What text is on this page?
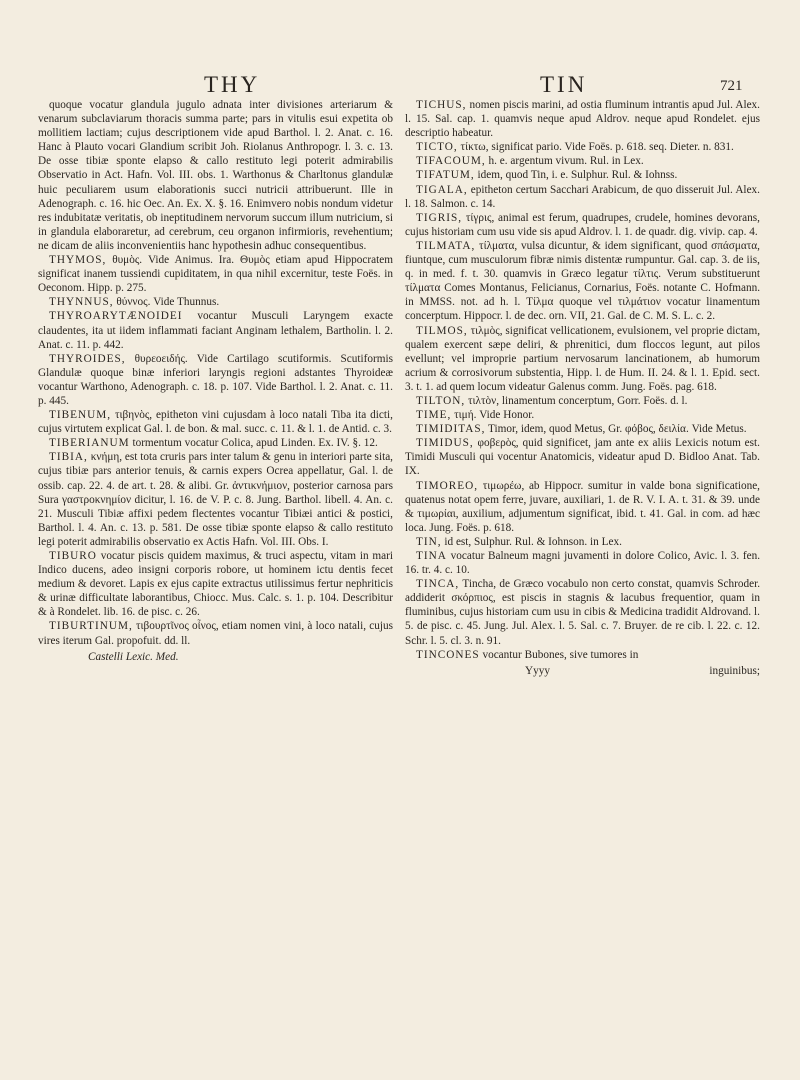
THY	TIN	721

quoque vocatur glandula jugulo adnata inter divisiones arteriarum & venarum subclaviarum thoracis summa parte; pars in vitulis esui expetita ob mollitiem lactiam; cujus descriptionem vide apud Barthol. l. 2. Anat. c. 16. Hanc à Plauto vocari Glandium scribit Joh. Riolanus Anthropogr. l. 3. c. 13. De osse tibiæ sponte elapso & callo restituto legi poterit admirabilis Observatio in Act. Hafn. Vol. III. obs. 1. Warthonus & Charltonus glandulæ huic peculiarem usum elaborationis succi nutricii attribuerunt. Ille in Adenograph. c. 16. hic Oec. An. Ex. X. §. 16. Enimvero nobis nondum videtur res indubitatæ veritatis, ob ineptitudinem nervorum succum illum nutricium, si in glandula elaboraretur, ad cerebrum, ceu organon infirmioris, revehentium; ne dicam de aliis inconvenientiis hanc hypothesin adhuc consequentibus.

THYMOS, θυμὸς. Vide Animus. Ira. Θυμὸς etiam apud Hippocratem significat inanem tussiendi cupiditatem, in qua nihil excernitur, teste Foës. in Oeconom. Hipp. p. 275.

THYNNUS, θύννος. Vide Thunnus.

THYROARYTÆNOIDEI vocantur Musculi Laryngem exacte claudentes, ita ut iidem inflammati faciant Anginam lethalem, Bartholin. l. 2. Anat. c. 11. p. 442.

THYROIDES, θυρεοειδής. Vide Cartilago scutiformis. Scutiformis Glandulæ quoque binæ inferiori laryngis regioni adstantes Thyroideæ vocantur Warthono, Adenograph. c. 18. p. 107. Vide Barthol. l. 2. Anat. c. 11. p. 445.

TIBENUM, τιβηνὸς, epitheton vini cujusdam à loco natali Tiba ita dicti, cujus virtutem explicat Gal. l. de bon. & mal. succ. c. 11. & l. 1. de Antid. c. 3.

TIBERIANUM tormentum vocatur Colica, apud Linden. Ex. IV. §. 12.

TIBIA, κνήμη, est tota cruris pars inter talum & genu in interiori parte sita, cujus tibiæ pars anterior tenuis, & carnis expers Ocrea appellatur, Gal. l. de ossib. cap. 22. 4. de art. t. 28. & alibi. Gr. ἀντικνήμιον, posterior carnosa pars Sura γαστροκνημίον dicitur, l. 16. de V. P. c. 8. Jung. Barthol. libell. 4. An. c. 21. Musculi Tibiæ affixi pedem flectentes vocantur Tibiæi antici & postici, Barthol. l. 4. An. c. 13. p. 581. De osse tibiæ sponte elapso & callo restituto legi poterit admirabilis observatio ex Actis Hafn. Vol. III. Obs. I.

TIBURO vocatur piscis quidem maximus, & truci aspectu, vitam in mari Indico ducens, adeo insigni corporis robore, ut hominem ictu dentis fecet medium & devoret. Lapis ex ejus capite extractus utilissimus fertur nephriticis & urinæ difficultate laborantibus, Chiocc. Mus. Calc. s. 1. p. 104. Describitur & à Rondelet. lib. 16. de pisc. c. 26.

TIBURTINUM, τιβουρτῖνος οἶνος, etiam nomen vini, à loco natali, cujus vires iterum Gal. propofuit. dd. ll.

Castelli Lexic. Med.

TICHUS, nomen piscis marini, ad ostia fluminum intrantis apud Jul. Alex. l. 15. Sal. cap. 1. quamvis neque apud Aldrov. neque apud Rondelet. ejus descriptio habeatur.

TICTO, τίκτω, significat pario. Vide Foës. p. 618. seq. Dieter. n. 831.

TIFACOUM, h. e. argentum vivum. Rul. in Lex.

TIFATUM, idem, quod Tin, i. e. Sulphur. Rul. & Iohnss.

TIGALA, epitheton certum Sacchari Arabicum, de quo disseruit Jul. Alex. l. 18. Salmon. c. 14.

TIGRIS, τίγρις, animal est ferum, quadrupes, crudele, homines devorans, cujus historiam cum usu vide sis apud Aldrov. l. 1. de quadr. dig. vivip. cap. 4.

TILMATA, τίλματα, vulsa dicuntur, & idem significant, quod σπάσματα, fiuntque, cum musculorum fibræ nimis distentæ rumpuntur. Gal. cap. 3. de iis, q. in med. f. t. 30. quamvis in Græco legatur τίλτις. Verum substituerunt τίλματα Comes Montanus, Felicianus, Cornarius, Foës. notante C. Hofmann. in MMSS. not. ad h. l. Τίλμα quoque vel τιλμάτιον vocatur linamentum concerptum. Hippocr. l. de dec. orn. VII, 21. Gal. de C. M. S. L. c. 2.

TILMOS, τιλμὸς, significat vellicationem, evulsionem, vel proprie dictam, qualem exercent sæpe deliri, & phrenitici, dum floccos legunt, aut pilos evellunt; vel improprie partium nervosarum lancinationem, ab humorum acrium & corrosivorum substentia, Hipp. l. de Hum. II. 24. & l. 1. Epid. sect. 3. t. 1. ad quem locum videatur Galenus comm. Jung. Foës. pag. 618.

TILTON, τιλτὸν, linamentum concerptum, Gorr. Foës. d. l.

TIME, τιμή. Vide Honor.

TIMIDITAS, Timor, idem, quod Metus, Gr. φόβος, δειλία. Vide Metus.

TIMIDUS, φοβερὸς, quid significet, jam ante ex aliis Lexicis notum est. Timidi Musculi qui vocentur Anatomicis, videatur apud D. Bidloo Anat. Tab. IX.

TIMOREO, τιμωρέω, ab Hippocr. sumitur in valde bona significatione, quatenus notat opem ferre, juvare, auxiliari, 1. de R. V. I. A. t. 31. & 39. unde & τιμωρίαι, auxilium, adjumentum significat, ibid. t. 41. Gal. in com. ad hæc loca. Jung. Foës. p. 618.

TIN, id est, Sulphur. Rul. & Iohnson. in Lex.

TINA vocatur Balneum magni juvamenti in dolore Colico, Avic. l. 3. fen. 16. tr. 4. c. 10.

TINCA, Tincha, de Græco vocabulo non certo constat, quamvis Schroder. addiderit σκόρπιος, est piscis in stagnis & lacubus frequentior, quam in fluminibus, cujus historiam cum usu in cibis & Medicina tradidit Aldrovand. l. 5. de pisc. c. 45. Jung. Jul. Alex. l. 5. Sal. c. 7. Bruyer. de re cib. l. 22. c. 12. Schr. l. 5. cl. 3. n. 91.

TINCONES vocantur Bubones, sive tumores in

Yyyy	inguinibus;
